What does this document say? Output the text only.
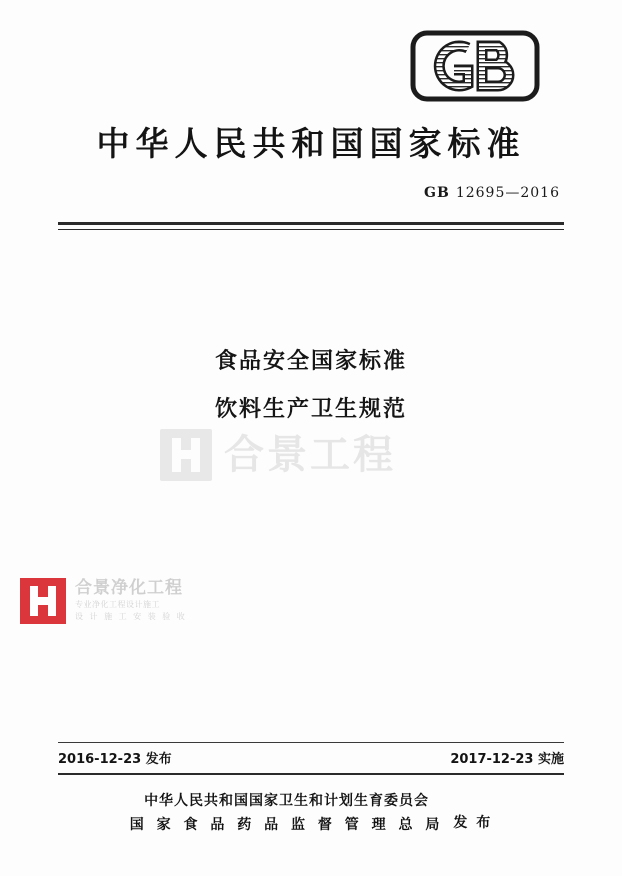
中华人民共和国国家标准
GB 12695—2016
食品安全国家标准
饮料生产卫生规范
合景工程
合景净化工程
专业净化工程设计施工
设 计 施 工 安 装 验 收
2016-12-23 发布	2017-12-23 实施
中华人民共和国国家卫生和计划生育委员会
国 家 食 品 药 品 监 督 管 理 总 局 发 布
